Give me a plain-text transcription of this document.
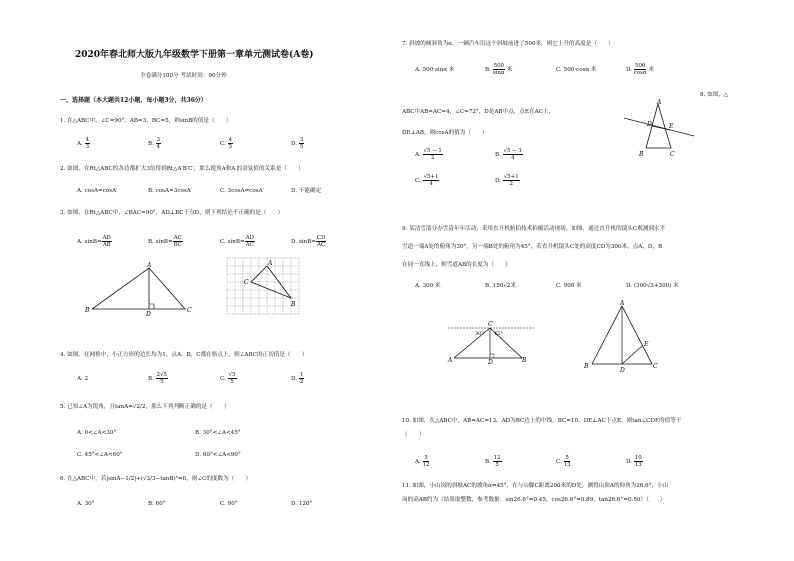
2020年春北师大版九年级数学下册第一章单元测试卷(A卷)
全卷满分100分 考试时间：90分钟
一、选择题（本大题共12小题，每小题3分，共36分）
1. 在△ABC中，∠C=90°，AB=3，BC=5，则sinB的值是（　　）
A. $\frac{4}{3}$	B. $\frac{3}{4}$	C. $\frac{4}{5}$	D. $\frac{3}{5}$
2. 如图，在Rt△ABC的各边都扩大3倍得到Rt△A′B′C′，那么锐角A和A′的余弦值的关系是（　　）
A. cosA=cosA′	B. cosA=3cosA′	C. 3cosA=cosA′	D. 不能确定
3. 如图，在Rt△ABC中，∠BAC=90°，AD⊥BC于点D，则下列结论不正确的是（　　）
A. $\sin B= \frac{AD}{AB}$	B. $\sin B= \frac{AC}{BC}$	C. $\sin B= \frac{AD}{AC}$	D. $\sin B= \frac{CD}{AC}$
A
B
D
C
A
C
B
4. 如图，在网格中，小正方形的边长均为1，点A，B，C都在格点上，则∠ABC的正切值是（　　）
A. 2	B. $\frac{2√5}{5}$	C. $\frac{√5}{5}$	D. $\frac{1}{2}$
5. 已知∠A为锐角，且tanA=√2/2，那么下列判断正确的是（　　）
A. 0<∠A<30°	B. 30°<∠A<45°
C. 45°<∠A<60°	D. 60°<∠A<90°
6. 在△ABC中，若|sinA−1/2|+(√3/3−tanB)²=0，则∠C的度数为（　　）
A. 30°	B. 60°	C. 90°	D. 120°
7. 斜坡的倾斜角为α，一辆汽车沿这个斜坡前进了500米，则它上升的高度是（　　）
A. 500·sinα 米	B. $\frac{500}{\sin\alpha}$ 米	C. 500·cosα 米	D. $\frac{500}{\cos\alpha}$ 米
8. 如图，△
ABC中AB=AC=4，∠C=72°，D是AB中点，点E在AC上，
DE⊥AB，则cosA的值为（　　）
A. $\frac{√5 - 1}{2}$	B. $\frac{√5 - 1}{4}$
C. $\frac{√5+1}{4}$	D. $\frac{√5+1}{2}$
A
D	E
B	C
9. 某清雪部分办雪清年年活动，采用直升机航拍技术拍摄活动现场。如图，通过直升机的镜头C观测到水平
雪道一端A处的俯角为30°，另一端B处的俯角为45°，若直升机镜头C处的高度CD为300米，点A，D，B
在同一直线上，则雪道AB的长度为（　　）
A. 300 米	B. 150√2米	C. 900 米	D. (300√3+300) 米
C
30° 45°
A	D	B
A
B
D
E
C
10. 如图，在△ABC中，AB=AC=13，AD为BC边上的中线，BC=10，DE⊥AC于点E，则tan∠CDE的值等于
（　　）
A. $\frac{5}{12}$	B. $\frac{12}{5}$	C. $\frac{5}{13}$	D. $\frac{10}{13}$
11. 如图，小山岗的斜坡AC的坡角α=45°，在与山脚C距离200米的D处，测得山顶A的仰角为26.6°，小山
岗的高AB约为（结果取整数，参考数据：sin26.6°=0.45，cos26.6°=0.89，tan26.6°=0.50）（　　）
